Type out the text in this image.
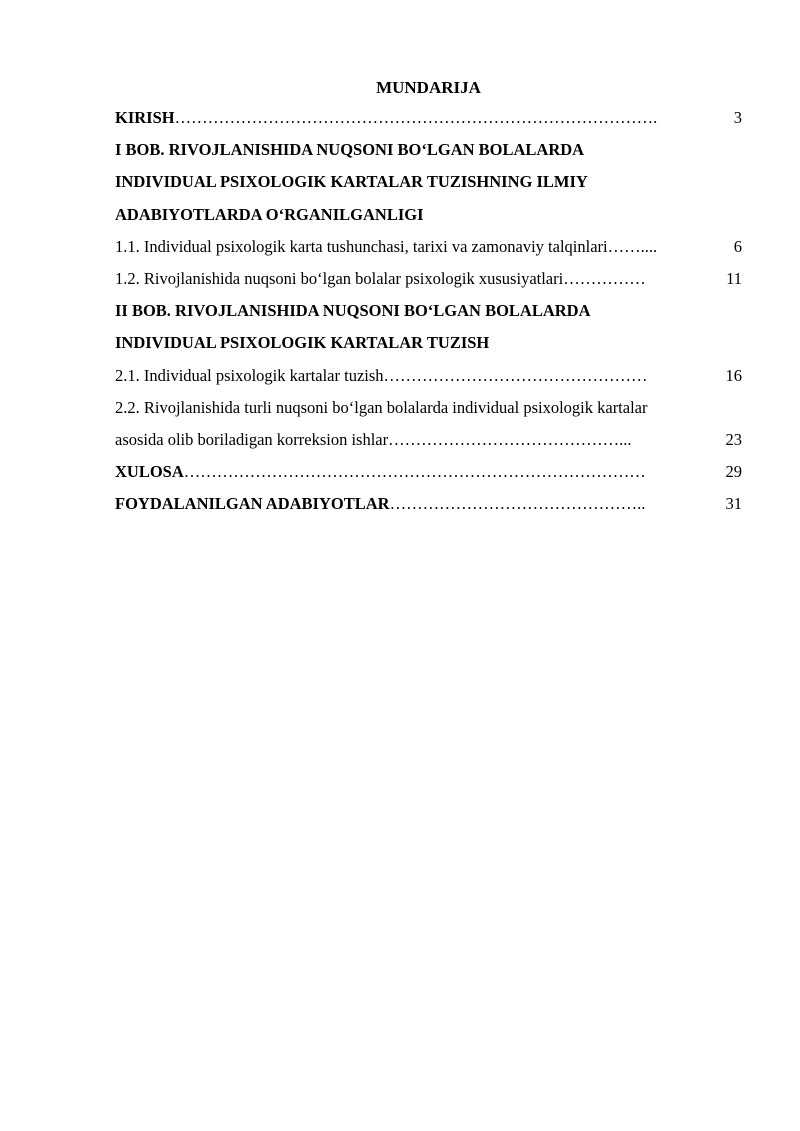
MUNDARIJA
KIRISH …………………………………………………………………………….	3
I BOB. RIVOJLANISHIDA NUQSONI BOʻLGAN BOLALARDA
INDIVIDUAL PSIXOLOGIK KARTALAR TUZISHNING ILMIY
ADABIYOTLARDA OʻRGANILGANLIGI
1.1. Individual psixologik karta tushunchasi, tarixi va zamonaviy talqinlari ……....	6
1.2. Rivojlanishida nuqsoni boʻlgan bolalar psixologik xususiyatlari ……………	11
II BOB. RIVOJLANISHIDA NUQSONI BOʻLGAN BOLALARDA
INDIVIDUAL PSIXOLOGIK KARTALAR TUZISH
2.1. Individual psixologik kartalar tuzish …………………………………………	16
2.2. Rivojlanishida turli nuqsoni boʻlgan bolalarda individual psixologik kartalar
asosida olib boriladigan korreksion ishlar ……………………………………...	23
XULOSA …………………………………………………………………………	29
FOYDALANILGAN ADABIYOTLAR ………………………………………..	31
